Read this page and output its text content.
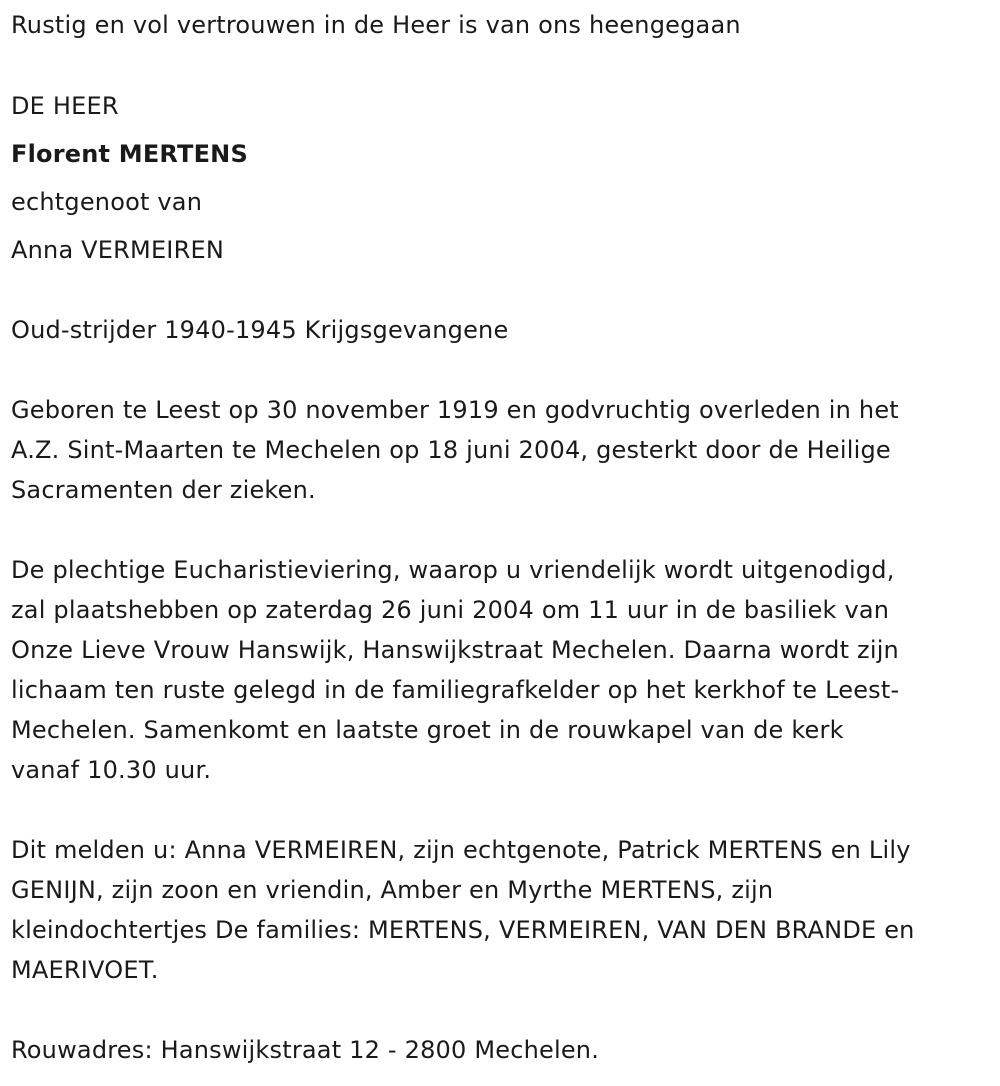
Rustig en vol vertrouwen in de Heer is van ons heengegaan
DE HEER
Florent MERTENS
echtgenoot van
Anna VERMEIREN
Oud-strijder 1940-1945 Krijgsgevangene
Geboren te Leest op 30 november 1919 en godvruchtig overleden in het
A.Z. Sint-Maarten te Mechelen op 18 juni 2004, gesterkt door de Heilige
Sacramenten der zieken.
De plechtige Eucharistieviering, waarop u vriendelijk wordt uitgenodigd,
zal plaatshebben op zaterdag 26 juni 2004 om 11 uur in de basiliek van
Onze Lieve Vrouw Hanswijk, Hanswijkstraat Mechelen. Daarna wordt zijn
lichaam ten ruste gelegd in de familiegrafkelder op het kerkhof te Leest-
Mechelen. Samenkomt en laatste groet in de rouwkapel van de kerk
vanaf 10.30 uur.
Dit melden u: Anna VERMEIREN, zijn echtgenote, Patrick MERTENS en Lily
GENIJN, zijn zoon en vriendin, Amber en Myrthe MERTENS, zijn
kleindochtertjes De families: MERTENS, VERMEIREN, VAN DEN BRANDE en
MAERIVOET.
Rouwadres: Hanswijkstraat 12 - 2800 Mechelen.
